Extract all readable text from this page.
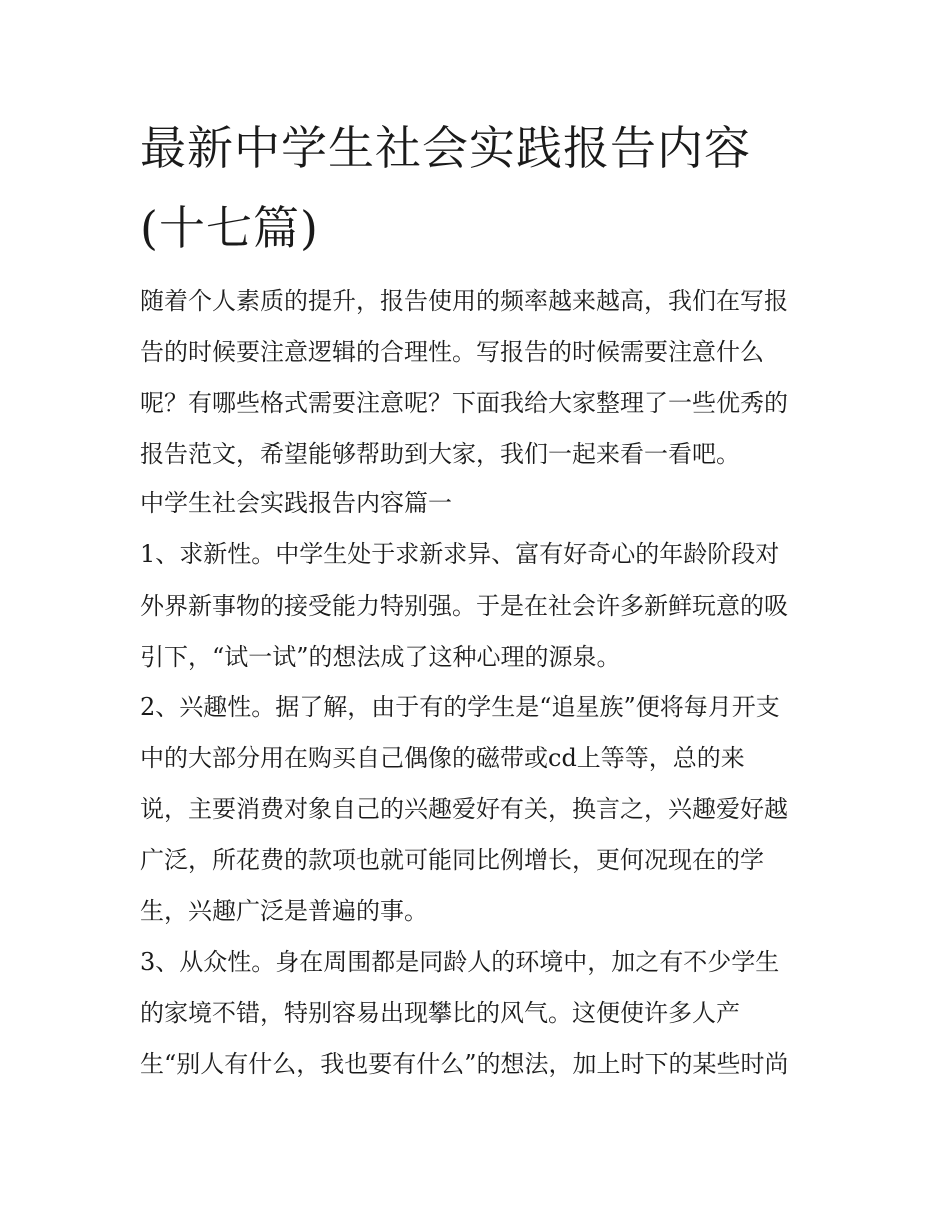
最新中学生社会实践报告内容
(十七篇)

随着个人素质的提升，报告使用的频率越来越高，我们在写报

告的时候要注意逻辑的合理性。写报告的时候需要注意什么

呢？有哪些格式需要注意呢？下面我给大家整理了一些优秀的

报告范文，希望能够帮助到大家，我们一起来看一看吧。

中学生社会实践报告内容篇一

1、求新性。中学生处于求新求异、富有好奇心的年龄阶段对

外界新事物的接受能力特别强。于是在社会许多新鲜玩意的吸

引下，“试一试”的想法成了这种心理的源泉。

2、兴趣性。据了解，由于有的学生是“追星族”便将每月开支

中的大部分用在购买自己偶像的磁带或cd上等等，总的来

说，主要消费对象自己的兴趣爱好有关，换言之，兴趣爱好越

广泛，所花费的款项也就可能同比例增长，更何况现在的学

生，兴趣广泛是普遍的事。

3、从众性。身在周围都是同龄人的环境中，加之有不少学生

的家境不错，特别容易出现攀比的风气。这便使许多人产

生“别人有什么，我也要有什么”的想法，加上时下的某些时尚
